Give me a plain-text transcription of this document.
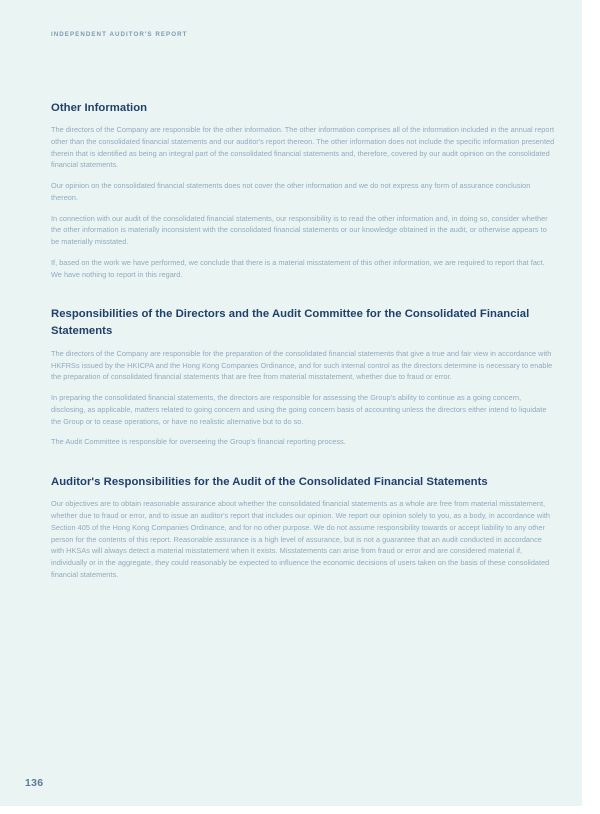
INDEPENDENT AUDITOR'S REPORT
Other Information

The directors of the Company are responsible for the other information. The other information comprises all of the information included in the annual report other than the consolidated financial statements and our auditor's report thereon. The other information does not include the specific information presented therein that is identified as being an integral part of the consolidated financial statements and, therefore, covered by our audit opinion on the consolidated financial statements.

Our opinion on the consolidated financial statements does not cover the other information and we do not express any form of assurance conclusion thereon.

In connection with our audit of the consolidated financial statements, our responsibility is to read the other information and, in doing so, consider whether the other information is materially inconsistent with the consolidated financial statements or our knowledge obtained in the audit, or otherwise appears to be materially misstated.

If, based on the work we have performed, we conclude that there is a material misstatement of this other information, we are required to report that fact. We have nothing to report in this regard.

Responsibilities of the Directors and the Audit Committee for the Consolidated Financial Statements

The directors of the Company are responsible for the preparation of the consolidated financial statements that give a true and fair view in accordance with HKFRSs issued by the HKICPA and the Hong Kong Companies Ordinance, and for such internal control as the directors determine is necessary to enable the preparation of consolidated financial statements that are free from material misstatement, whether due to fraud or error.

In preparing the consolidated financial statements, the directors are responsible for assessing the Group's ability to continue as a going concern, disclosing, as applicable, matters related to going concern and using the going concern basis of accounting unless the directors either intend to liquidate the Group or to cease operations, or have no realistic alternative but to do so.

The Audit Committee is responsible for overseeing the Group's financial reporting process.

Auditor's Responsibilities for the Audit of the Consolidated Financial Statements

Our objectives are to obtain reasonable assurance about whether the consolidated financial statements as a whole are free from material misstatement, whether due to fraud or error, and to issue an auditor's report that includes our opinion. We report our opinion solely to you, as a body, in accordance with Section 405 of the Hong Kong Companies Ordinance, and for no other purpose. We do not assume responsibility towards or accept liability to any other person for the contents of this report. Reasonable assurance is a high level of assurance, but is not a guarantee that an audit conducted in accordance with HKSAs will always detect a material misstatement when it exists. Misstatements can arise from fraud or error and are considered material if, individually or in the aggregate, they could reasonably be expected to influence the economic decisions of users taken on the basis of these consolidated financial statements.

136
